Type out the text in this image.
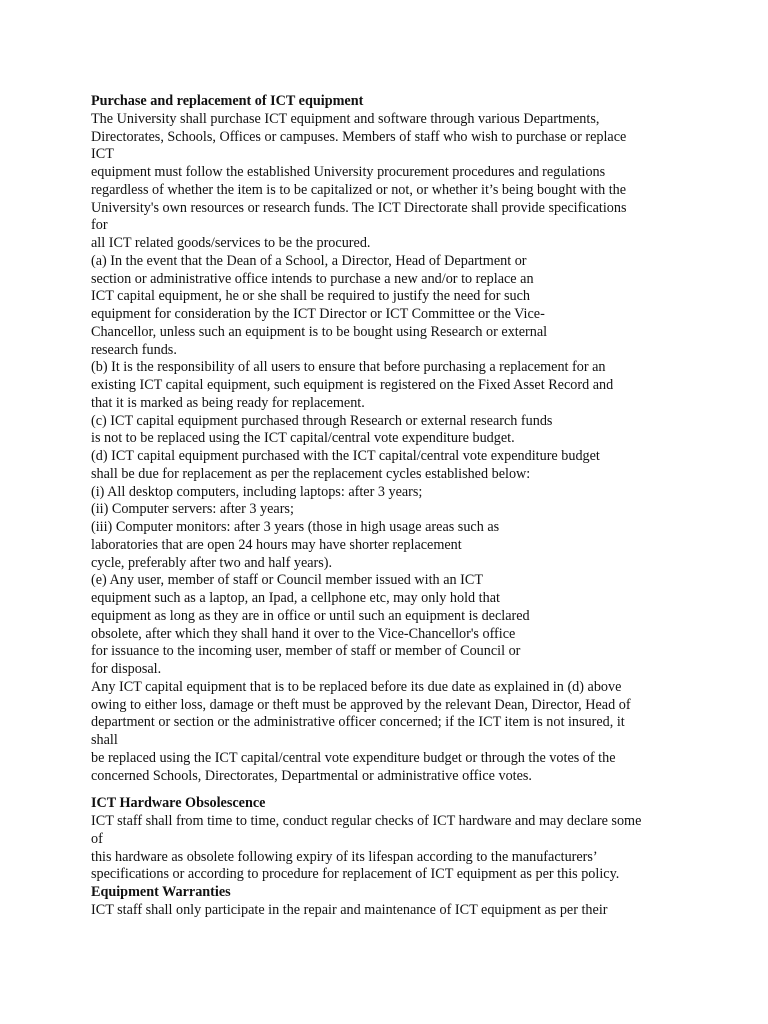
Purchase and replacement of ICT equipment
The University shall purchase ICT equipment and software through various Departments,
Directorates, Schools, Offices or campuses. Members of staff who wish to purchase or replace
ICT
equipment must follow the established University procurement procedures and regulations
regardless of whether the item is to be capitalized or not, or whether it’s being bought with the
University's own resources or research funds. The ICT Directorate shall provide specifications
for
all ICT related goods/services to be the procured.
(a) In the event that the Dean of a School, a Director, Head of Department or
section or administrative office intends to purchase a new and/or to replace an
ICT capital equipment, he or she shall be required to justify the need for such
equipment for consideration by the ICT Director or ICT Committee or the Vice-
Chancellor, unless such an equipment is to be bought using Research or external
research funds.
(b) It is the responsibility of all users to ensure that before purchasing a replacement for an
existing ICT capital equipment, such equipment is registered on the Fixed Asset Record and
that it is marked as being ready for replacement.
(c) ICT capital equipment purchased through Research or external research funds
is not to be replaced using the ICT capital/central vote expenditure budget.
(d) ICT capital equipment purchased with the ICT capital/central vote expenditure budget
shall be due for replacement as per the replacement cycles established below:
(i) All desktop computers, including laptops: after 3 years;
(ii) Computer servers: after 3 years;
(iii) Computer monitors: after 3 years (those in high usage areas such as
laboratories that are open 24 hours may have shorter replacement
cycle, preferably after two and half years).
(e) Any user, member of staff or Council member issued with an ICT
equipment such as a laptop, an Ipad, a cellphone etc, may only hold that
equipment as long as they are in office or until such an equipment is declared
obsolete, after which they shall hand it over to the Vice-Chancellor's office
for issuance to the incoming user, member of staff or member of Council or
for disposal.
Any ICT capital equipment that is to be replaced before its due date as explained in (d) above
owing to either loss, damage or theft must be approved by the relevant Dean, Director, Head of
department or section or the administrative officer concerned; if the ICT item is not insured, it
shall
be replaced using the ICT capital/central vote expenditure budget or through the votes of the
concerned Schools, Directorates, Departmental or administrative office votes.
ICT Hardware Obsolescence
ICT staff shall from time to time, conduct regular checks of ICT hardware and may declare some
of
this hardware as obsolete following expiry of its lifespan according to the manufacturers’
specifications or according to procedure for replacement of ICT equipment as per this policy.
Equipment Warranties
ICT staff shall only participate in the repair and maintenance of ICT equipment as per their
